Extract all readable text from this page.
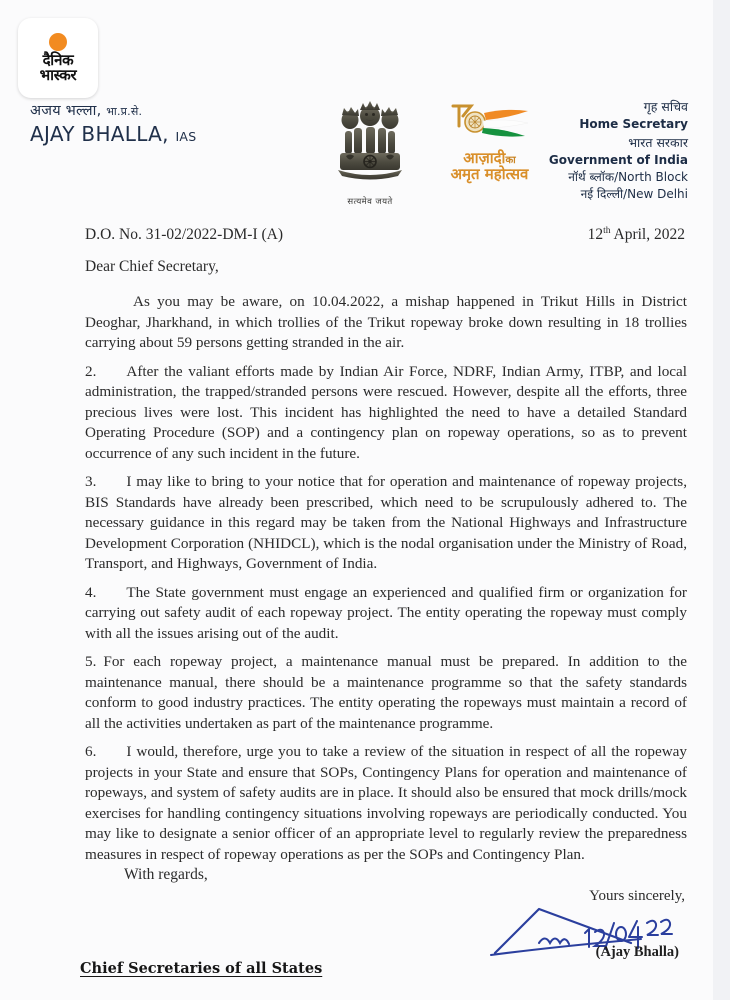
दैनिक
भास्कर
अजय भल्ला, भा.प्र.से.
AJAY BHALLA, IAS
सत्यमेव जयते
आज़ादीका
अमृत महोत्सव
गृह सचिव
Home Secretary
भारत सरकार
Government of India
नॉर्थ ब्लॉक/North Block
नई दिल्ली/New Delhi
D.O. No. 31-02/2022-DM-I (A)	12th April, 2022
Dear Chief Secretary,

As you may be aware, on 10.04.2022, a mishap happened in Trikut Hills in District Deoghar, Jharkhand, in which trollies of the Trikut ropeway broke down resulting in 18 trollies carrying about 59 persons getting stranded in the air.

2. After the valiant efforts made by Indian Air Force, NDRF, Indian Army, ITBP, and local administration, the trapped/stranded persons were rescued. However, despite all the efforts, three precious lives were lost. This incident has highlighted the need to have a detailed Standard Operating Procedure (SOP) and a contingency plan on ropeway operations, so as to prevent occurrence of any such incident in the future.

3. I may like to bring to your notice that for operation and maintenance of ropeway projects, BIS Standards have already been prescribed, which need to be scrupulously adhered to. The necessary guidance in this regard may be taken from the National Highways and Infrastructure Development Corporation (NHIDCL), which is the nodal organisation under the Ministry of Road, Transport, and Highways, Government of India.

4. The State government must engage an experienced and qualified firm or organization for carrying out safety audit of each ropeway project. The entity operating the ropeway must comply with all the issues arising out of the audit.

5. For each ropeway project, a maintenance manual must be prepared. In addition to the maintenance manual, there should be a maintenance programme so that the safety standards conform to good industry practices. The entity operating the ropeways must maintain a record of all the activities undertaken as part of the maintenance programme.

6. I would, therefore, urge you to take a review of the situation in respect of all the ropeway projects in your State and ensure that SOPs, Contingency Plans for operation and maintenance of ropeways, and system of safety audits are in place. It should also be ensured that mock drills/mock exercises for handling contingency situations involving ropeways are periodically conducted. You may like to designate a senior officer of an appropriate level to regularly review the preparedness measures in respect of ropeway operations as per the SOPs and Contingency Plan.

With regards,
Yours sincerely,
(Ajay Bhalla)
Chief Secretaries of all States
